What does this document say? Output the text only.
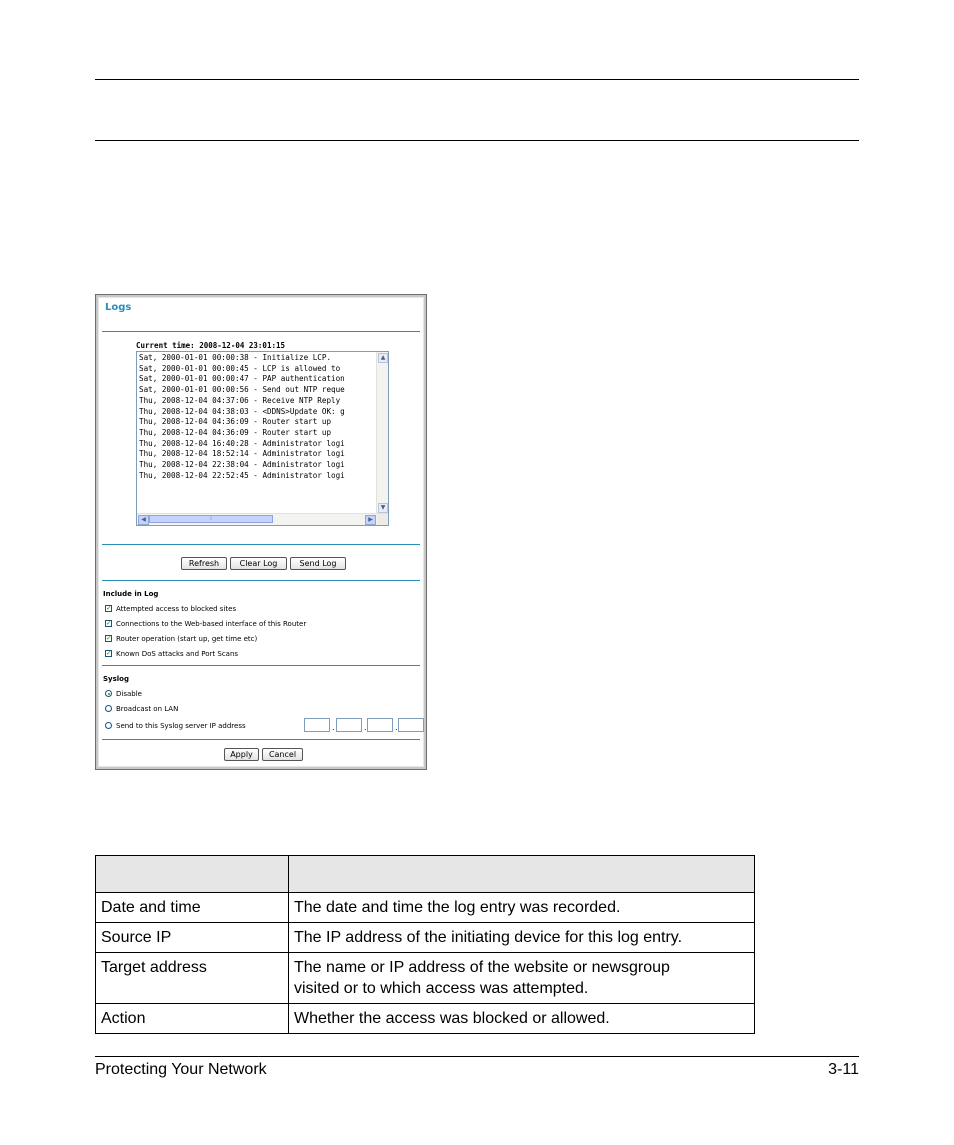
Logs
Current time: 2008-12-04 23:01:15
Sat, 2000-01-01 00:00:38 - Initialize LCP.
Sat, 2000-01-01 00:00:45 - LCP is allowed to
Sat, 2000-01-01 00:00:47 - PAP authentication
Sat, 2000-01-01 00:00:56 - Send out NTP reque
Thu, 2008-12-04 04:37:06 - Receive NTP Reply
Thu, 2008-12-04 04:38:03 - <DDNS>Update OK: g
Thu, 2008-12-04 04:36:09 - Router start up
Thu, 2008-12-04 04:36:09 - Router start up
Thu, 2008-12-04 16:40:28 - Administrator logi
Thu, 2008-12-04 18:52:14 - Administrator logi
Thu, 2008-12-04 22:38:04 - Administrator logi
Thu, 2008-12-04 22:52:45 - Administrator logi
▲
▼
◀	⁞	▶
Refresh	Clear Log	Send Log
Include in Log
✓ Attempted access to blocked sites
✓ Connections to the Web-based interface of this Router
✓ Router operation (start up, get time etc)
✓ Known DoS attacks and Port Scans
Syslog
Disable
Broadcast on LAN
Send to this Syslog server IP address	.	.	.
Apply	Cancel

Date and time	The date and time the log entry was recorded.
Source IP	The IP address of the initiating device for this log entry.
Target address	The name or IP address of the website or newsgroup visited or to which access was attempted.
Action	Whether the access was blocked or allowed.
Protecting Your Network	3-11
